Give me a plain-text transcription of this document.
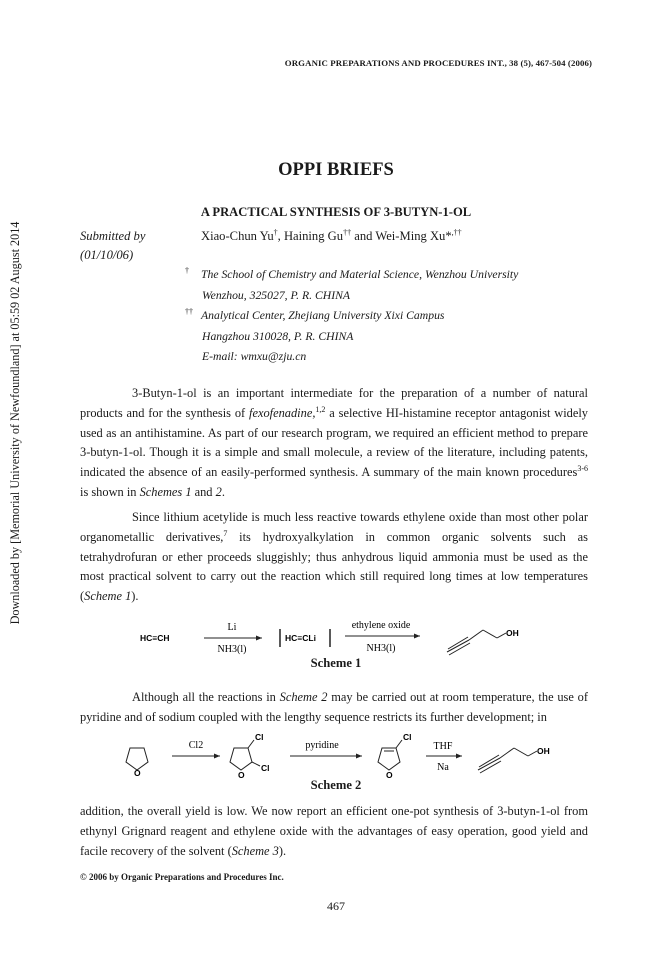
Downloaded by [Memorial University of Newfoundland] at 05:59 02 August 2014
ORGANIC PREPARATIONS AND PROCEDURES INT., 38 (5), 467-504 (2006)
OPPI BRIEFS
A PRACTICAL SYNTHESIS OF 3-BUTYN-1-OL
Submitted by
(01/10/06)
Xiao-Chun Yu†, Haining Gu†† and Wei-Ming Xu*,††
† The School of Chemistry and Material Science, Wenzhou University
Wenzhou, 325027, P. R. CHINA
†† Analytical Center, Zhejiang University Xixi Campus
Hangzhou 310028, P. R. CHINA
E-mail: wmxu@zju.cn
3-Butyn-1-ol is an important intermediate for the preparation of a number of natural products and for the synthesis of fexofenadine,$^{1,2}$ a selective HI-histamine receptor antagonist widely used as an antihistamine. As part of our research program, we required an efficient method to prepare 3-butyn-1-ol. Though it is a simple and small molecule, a review of the literature, including patents, indicated the absence of an easily-performed synthesis. A summary of the main known procedures$^{3-6}$ is shown in Schemes 1 and 2.
Since lithium acetylide is much less reactive towards ethylene oxide than most other polar organometallic derivatives,$^7$ its hydroxyalkylation in common organic solvents such as tetrahydrofuran or ether proceeds sluggishly; thus anhydrous liquid ammonia must be used as the most practical solvent to carry out the reaction which still required long times at low temperatures (Scheme 1).
HC≡CH
Li
NH3(l)
HC≡CLi
ethylene oxide
NH3(l)
OH
Scheme 1
Although all the reactions in Scheme 2 may be carried out at room temperature, the use of pyridine and of sodium coupled with the lengthy sequence restricts its further development; in
O
Cl2
Cl
Cl
O
pyridine
Cl
O
THF
Na
OH
Scheme 2
addition, the overall yield is low. We now report an efficient one-pot synthesis of 3-butyn-1-ol from ethynyl Grignard reagent and ethylene oxide with the advantages of easy operation, good yield and facile recovery of the solvent (Scheme 3).
© 2006 by Organic Preparations and Procedures Inc.
467
